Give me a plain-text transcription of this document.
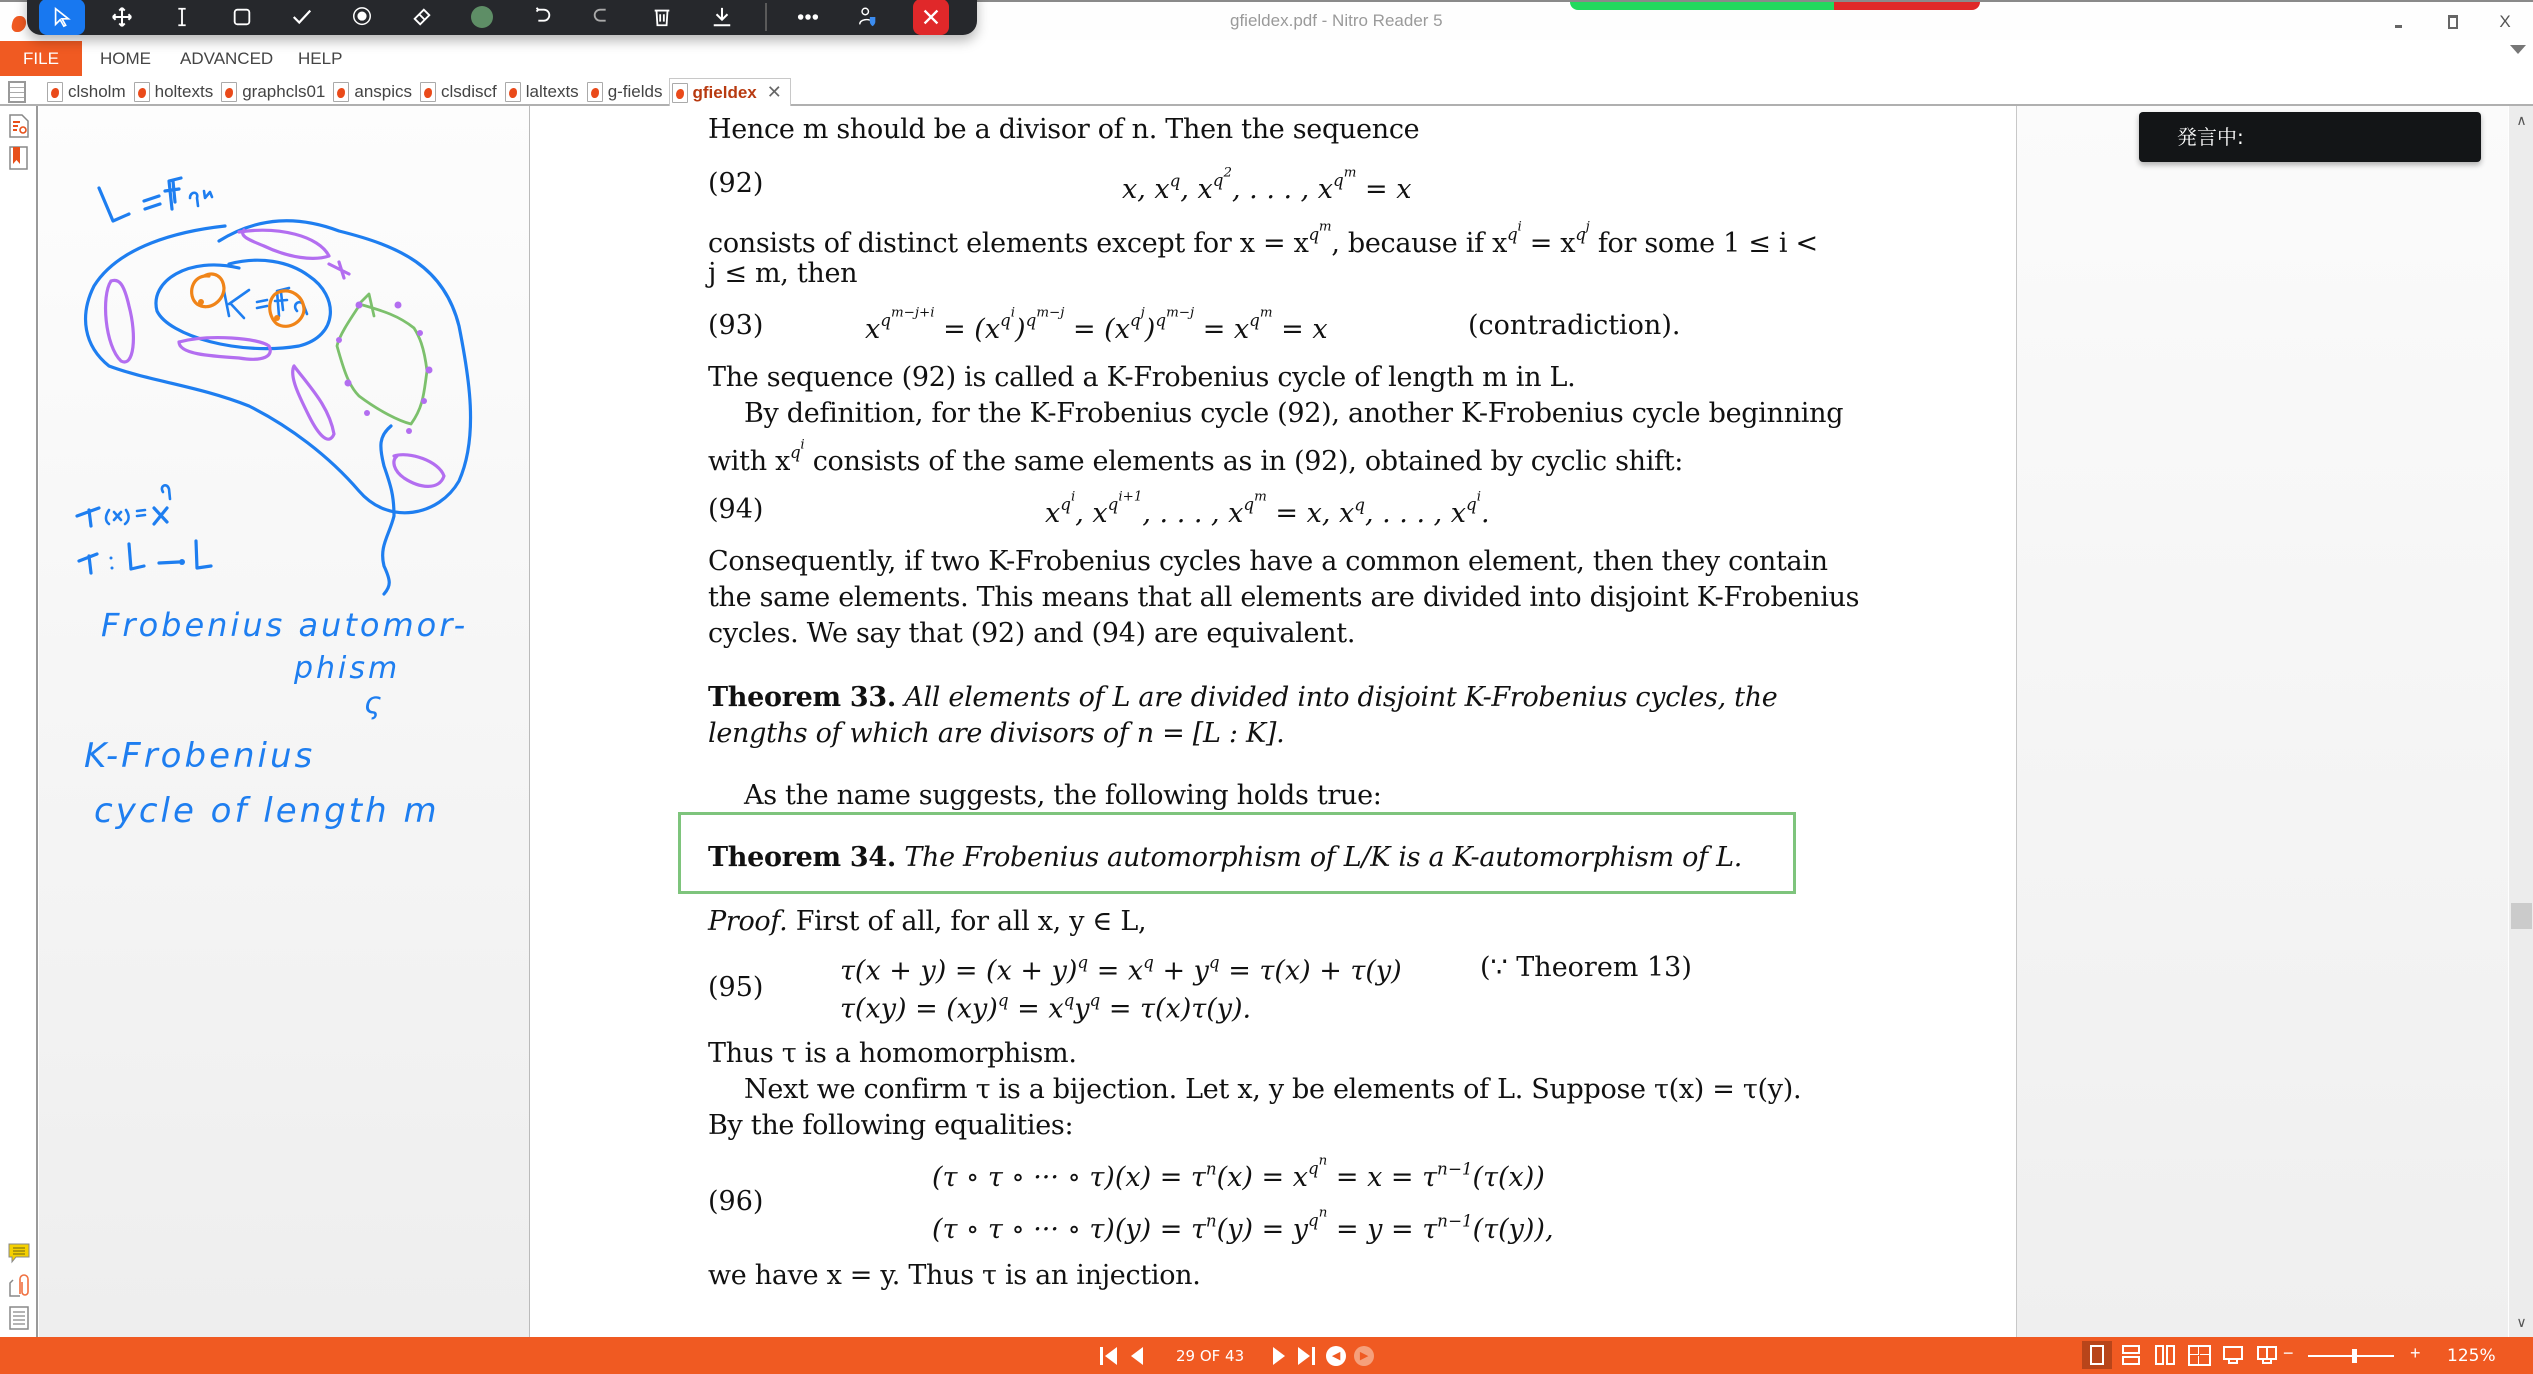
gfieldex.pdf - Nitro Reader 5	X
FILE	HOME ADVANCED HELP
clsholm holtexts graphcls01 anspics clsdiscf laltexts g-fields gfieldex ✕
Frobenius automor-
phism
ς
K-Frobenius
cycle of length m
Hence m should be a divisor of n. Then the sequence
(92)	x, $x^q$, $x^{q^2}$, . . . , $x^{q^m} = x$
consists of distinct elements except for $x = x^{q^m}$, because if $x^{q^i} = x^{q^j}$ for some 1 ≤ i <
j ≤ m, then
(93)	$x^{q^{m-j+i}} = (x^{q^i})^{q^{m-j}} = (x^{q^j})^{q^{m-j}} = x^{q^m} = x$	(contradiction).
The sequence (92) is called a K-Frobenius cycle of length m in L.
By definition, for the K-Frobenius cycle (92), another K-Frobenius cycle beginning
with $x^{q^i}$ consists of the same elements as in (92), obtained by cyclic shift:
(94)	$x^{q^i}$, $x^{q^{i+1}}$, . . . , $x^{q^m} = x$, $x^q$, . . . , $x^{q^i}$.
Consequently, if two K-Frobenius cycles have a common element, then they contain
the same elements. This means that all elements are divided into disjoint K-Frobenius
cycles. We say that (92) and (94) are equivalent.
Theorem 33. All elements of L are divided into disjoint K-Frobenius cycles, the
lengths of which are divisors of n = [L : K].
As the name suggests, the following holds true:
Theorem 34. The Frobenius automorphism of L/K is a K-automorphism of L.
Proof. First of all, for all x, y ∈ L,
(95)
$\tau(x + y) = (x + y)^q = x^q + y^q = \tau(x) + \tau(y)$	(∵ Theorem 13)
$\tau(xy) = (xy)^q = x^qy^q = \tau(x)\tau(y)$.
Thus τ is a homomorphism.
Next we confirm τ is a bijection. Let x, y be elements of L. Suppose τ(x) = τ(y).
By the following equalities:
(96)
(τ ∘ τ ∘ ··· ∘ $\tau)(x) = \tau^n(x) = x^{q^n} = x = \tau^{n-1}(\tau(x))$
(τ ∘ τ ∘ ··· ∘ $\tau)(y) = \tau^n(y) = y^{q^n} = y = \tau^{n-1}(\tau(y))$,
we have x = y. Thus τ is an injection.
発言中:
∧
∨
29 OF 43	◀ ▶	−	+ 125%
